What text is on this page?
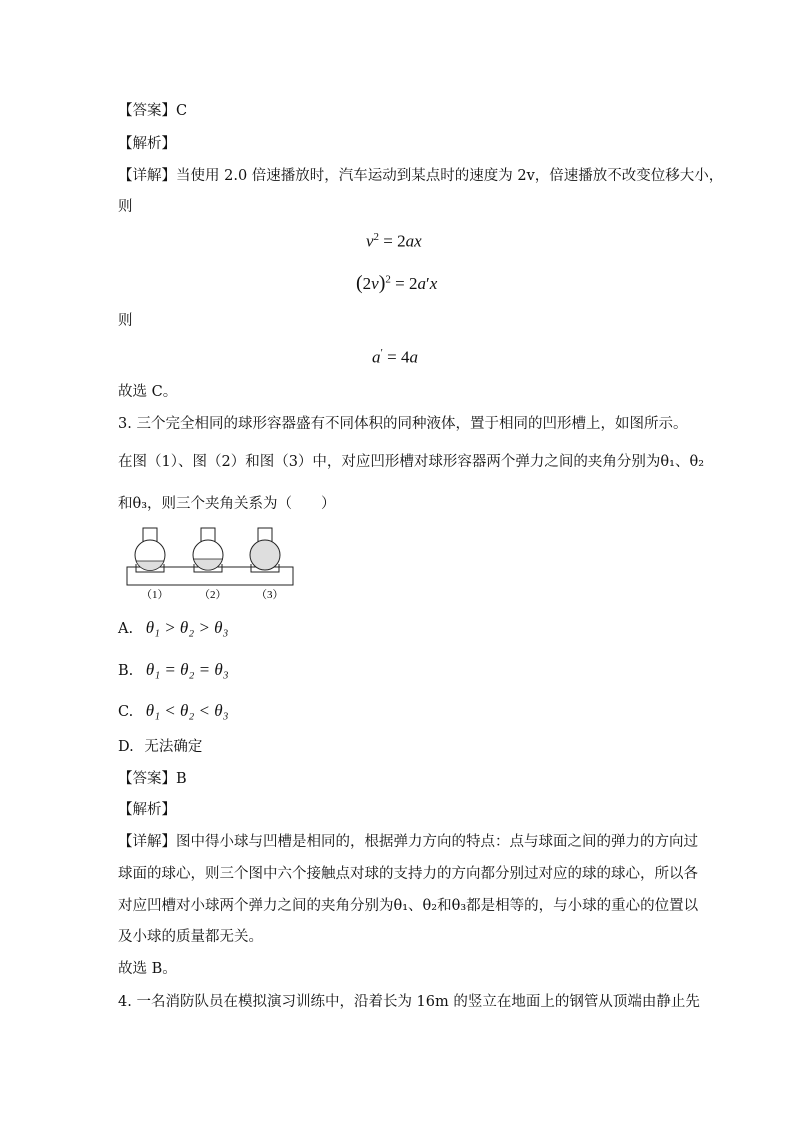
【答案】C
【解析】
【详解】当使用 2.0 倍速播放时，汽车运动到某点时的速度为 2v，倍速播放不改变位移大小，
则
$v^2 = 2ax$
$(2v)^2 = 2a'x$
则
a′ = 4a
故选 C。
3. 三个完全相同的球形容器盛有不同体积的同种液体，置于相同的凹形槽上，如图所示。
在图（1）、图（2）和图（3）中，对应凹形槽对球形容器两个弹力之间的夹角分别为θ₁、θ₂
和θ₃，则三个夹角关系为（　　）
（1）	（2）	（3）
A. θ₁ > θ₂ > θ₃
B. θ₁ = θ₂ = θ₃
C. θ₁ < θ₂ < θ₃
D. 无法确定
【答案】B
【解析】
【详解】图中得小球与凹槽是相同的，根据弹力方向的特点：点与球面之间的弹力的方向过
球面的球心，则三个图中六个接触点对球的支持力的方向都分别过对应的球的球心，所以各
对应凹槽对小球两个弹力之间的夹角分别为θ₁、θ₂和θ₃都是相等的，与小球的重心的位置以
及小球的质量都无关。
故选 B。
4. 一名消防队员在模拟演习训练中，沿着长为 16m 的竖立在地面上的钢管从顶端由静止先
